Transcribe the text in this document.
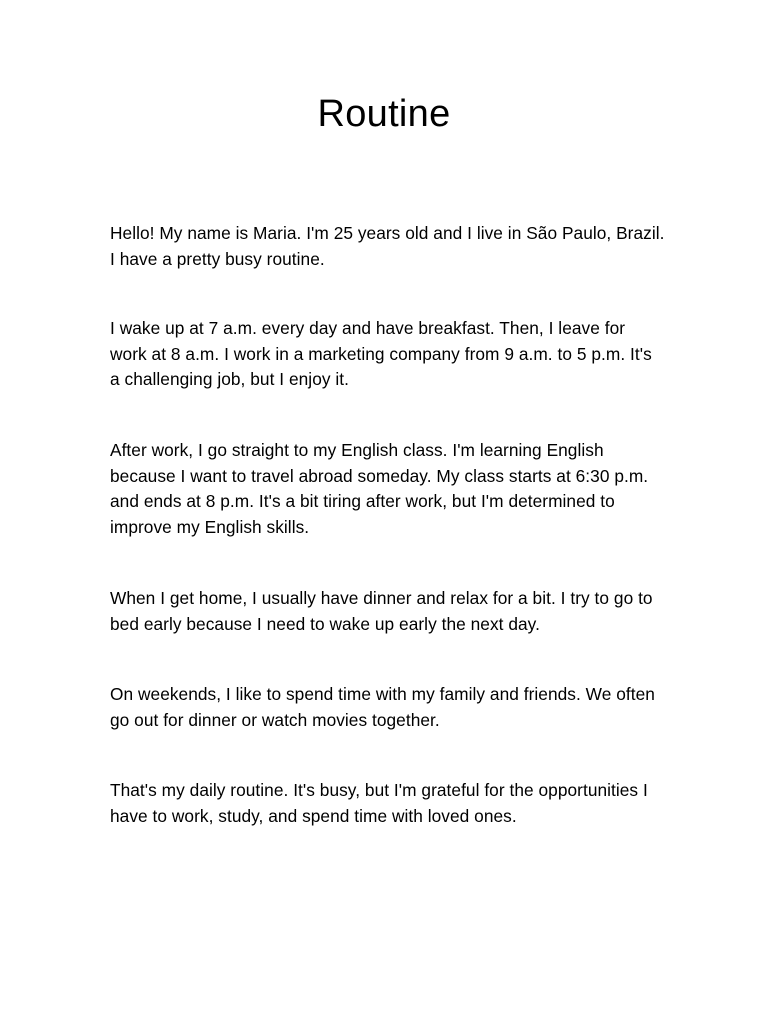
Routine

Hello! My name is Maria. I'm 25 years old and I live in São Paulo, Brazil. I have a pretty busy routine.

I wake up at 7 a.m. every day and have breakfast. Then, I leave for work at 8 a.m. I work in a marketing company from 9 a.m. to 5 p.m. It's a challenging job, but I enjoy it.

After work, I go straight to my English class. I'm learning English because I want to travel abroad someday. My class starts at 6:30 p.m. and ends at 8 p.m. It's a bit tiring after work, but I'm determined to improve my English skills.

When I get home, I usually have dinner and relax for a bit. I try to go to bed early because I need to wake up early the next day.

On weekends, I like to spend time with my family and friends. We often go out for dinner or watch movies together.

That's my daily routine. It's busy, but I'm grateful for the opportunities I have to work, study, and spend time with loved ones.
